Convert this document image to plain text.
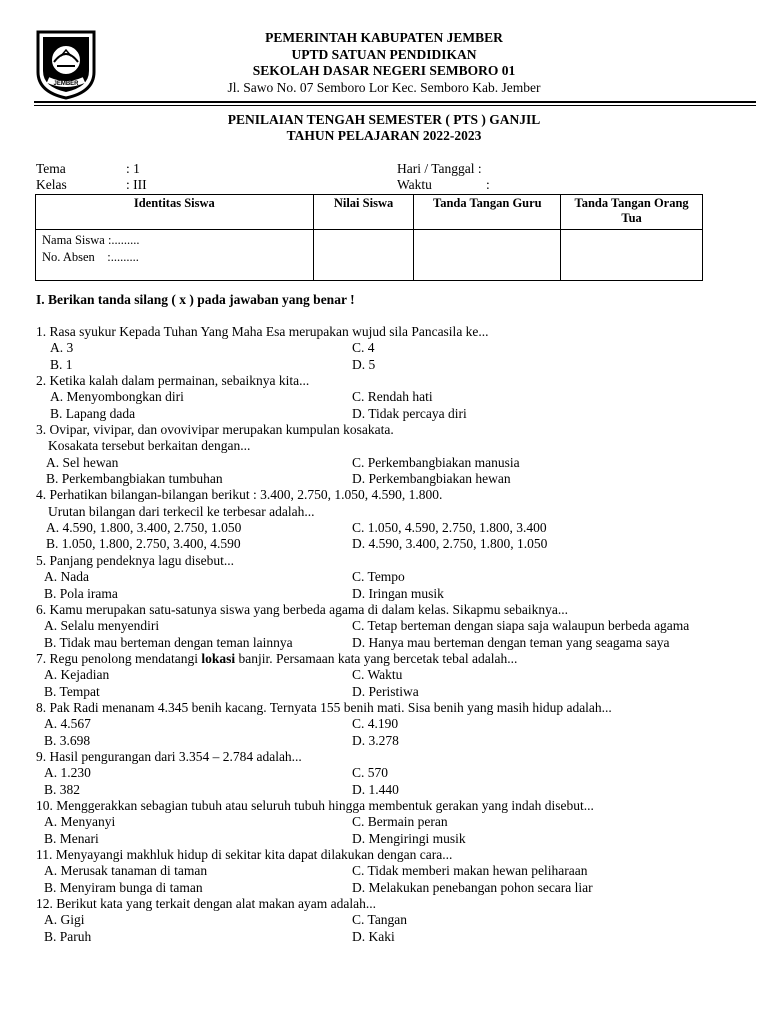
JEMBER
PEMERINTAH KABUPATEN JEMBER
UPTD SATUAN PENDIDIKAN
SEKOLAH DASAR NEGERI SEMBORO 01
Jl. Sawo No. 07 Semboro Lor Kec. Semboro Kab. Jember
PENILAIAN TENGAH SEMESTER ( PTS ) GANJIL
TAHUN PELAJARAN 2022-2023
Tema	: 1
Kelas	: III
Hari / Tanggal :
Waktu	:
Identitas Siswa	Nilai Siswa	Tanda Tangan Guru	Tanda Tangan Orang Tua

Nama Siswa :.........
No. Absen    :.........			

I. Berikan tanda silang ( x ) pada jawaban yang benar !
1. Rasa syukur Kepada Tuhan Yang Maha Esa merupakan wujud sila Pancasila ke...
A. 3	C. 4
B. 1	D. 5
2. Ketika kalah dalam permainan, sebaiknya kita...
A. Menyombongkan diri	C. Rendah hati
B. Lapang dada	D. Tidak percaya diri
3. Ovipar, vivipar, dan ovovivipar merupakan kumpulan kosakata.
Kosakata tersebut berkaitan dengan...
A. Sel hewan	C. Perkembangbiakan manusia
B. Perkembangbiakan tumbuhan	D. Perkembangbiakan hewan
4. Perhatikan bilangan-bilangan berikut : 3.400, 2.750, 1.050, 4.590, 1.800.
Urutan bilangan dari terkecil ke terbesar adalah...
A. 4.590, 1.800, 3.400, 2.750, 1.050	C. 1.050, 4.590, 2.750, 1.800, 3.400
B. 1.050, 1.800, 2.750, 3.400, 4.590	D. 4.590, 3.400, 2.750, 1.800, 1.050
5. Panjang pendeknya lagu disebut...
A. Nada	C. Tempo
B. Pola irama	D. Iringan musik
6. Kamu merupakan satu-satunya siswa yang berbeda agama di dalam kelas. Sikapmu sebaiknya...
A. Selalu menyendiri	C. Tetap berteman dengan siapa saja walaupun berbeda agama
B. Tidak mau berteman dengan teman lainnya	D. Hanya mau berteman dengan teman yang seagama saya
7. Regu penolong mendatangi lokasi banjir. Persamaan kata yang bercetak tebal adalah...
A. Kejadian	C. Waktu
B. Tempat	D. Peristiwa
8. Pak Radi menanam 4.345 benih kacang. Ternyata 155 benih mati. Sisa benih yang masih hidup adalah...
A. 4.567	C. 4.190
B. 3.698	D. 3.278
9. Hasil pengurangan dari 3.354 – 2.784 adalah...
A. 1.230	C. 570
B. 382	D. 1.440
10. Menggerakkan sebagian tubuh atau seluruh tubuh hingga membentuk gerakan yang indah disebut...
A. Menyanyi	C. Bermain peran
B. Menari	D. Mengiringi musik
11. Menyayangi makhluk hidup di sekitar kita dapat dilakukan dengan cara...
A. Merusak tanaman di taman	C. Tidak memberi makan hewan peliharaan
B. Menyiram bunga di taman	D. Melakukan penebangan pohon secara liar
12. Berikut kata yang terkait dengan alat makan ayam adalah...
A. Gigi	C. Tangan
B. Paruh	D. Kaki
